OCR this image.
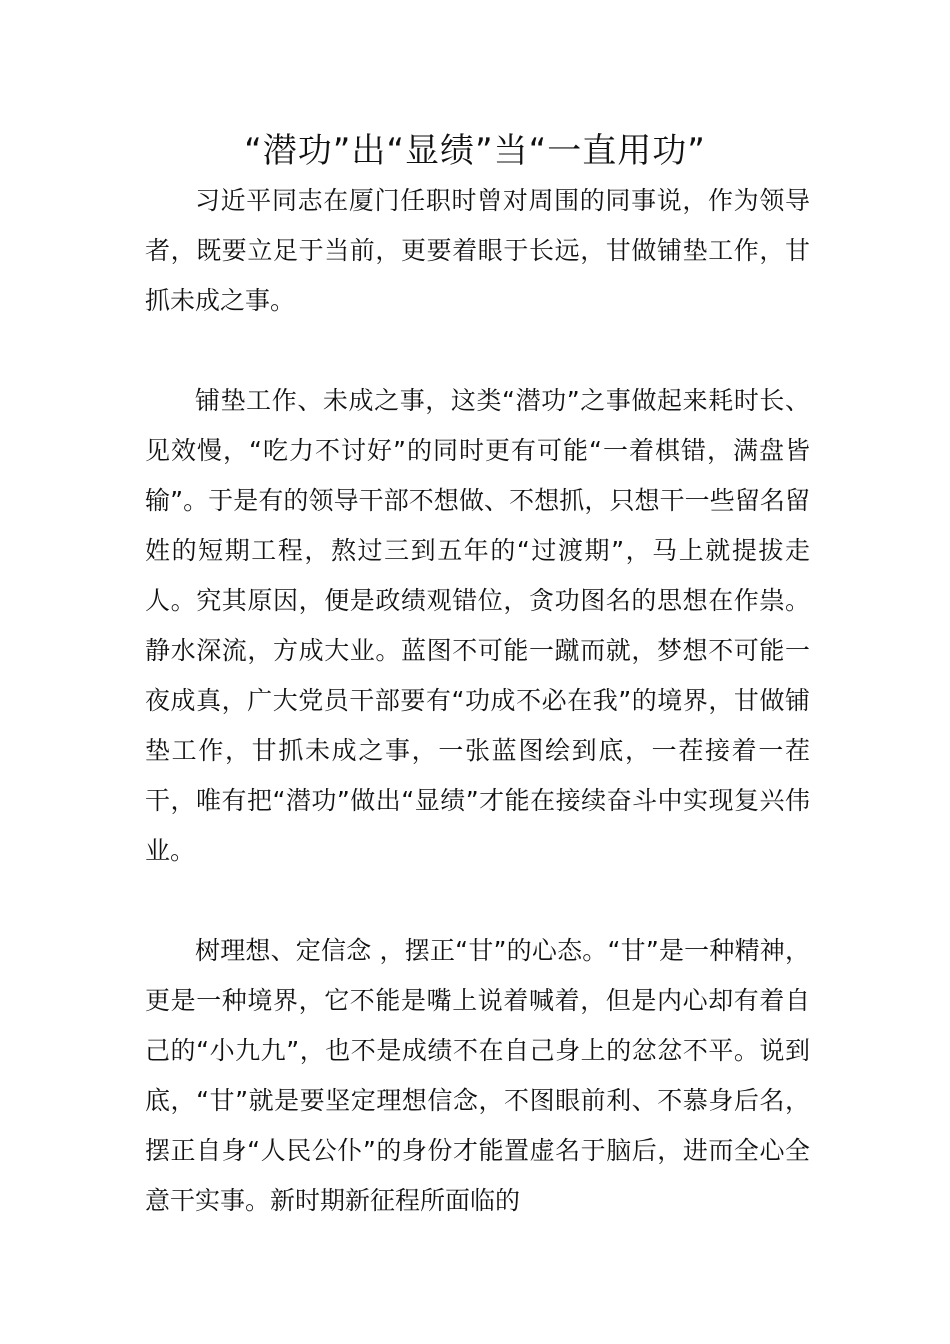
“潜功”出“显绩”当“一直用功”

习近平同志在厦门任职时曾对周围的同事说，作为领导者，既要立足于当前，更要着眼于长远，甘做铺垫工作，甘抓未成之事。

铺垫工作、未成之事，这类“潜功”之事做起来耗时长、见效慢，“吃力不讨好”的同时更有可能“一着棋错，满盘皆输”。于是有的领导干部不想做、不想抓，只想干一些留名留姓的短期工程，熬过三到五年的“过渡期”，马上就提拔走人。究其原因，便是政绩观错位，贪功图名的思想在作祟。静水深流，方成大业。蓝图不可能一蹴而就，梦想不可能一夜成真，广大党员干部要有“功成不必在我”的境界，甘做铺垫工作，甘抓未成之事，一张蓝图绘到底，一茬接着一茬干，唯有把“潜功”做出“显绩”才能在接续奋斗中实现复兴伟业。

树理想、定信念 ，摆正“甘”的心态。“甘”是一种精神，更是一种境界，它不能是嘴上说着喊着，但是内心却有着自己的“小九九”，也不是成绩不在自己身上的忿忿不平。说到底，“甘”就是要坚定理想信念，不图眼前利、不慕身后名，摆正自身“人民公仆”的身份才能置虚名于脑后，进而全心全意干实事。新时期新征程所面临的
